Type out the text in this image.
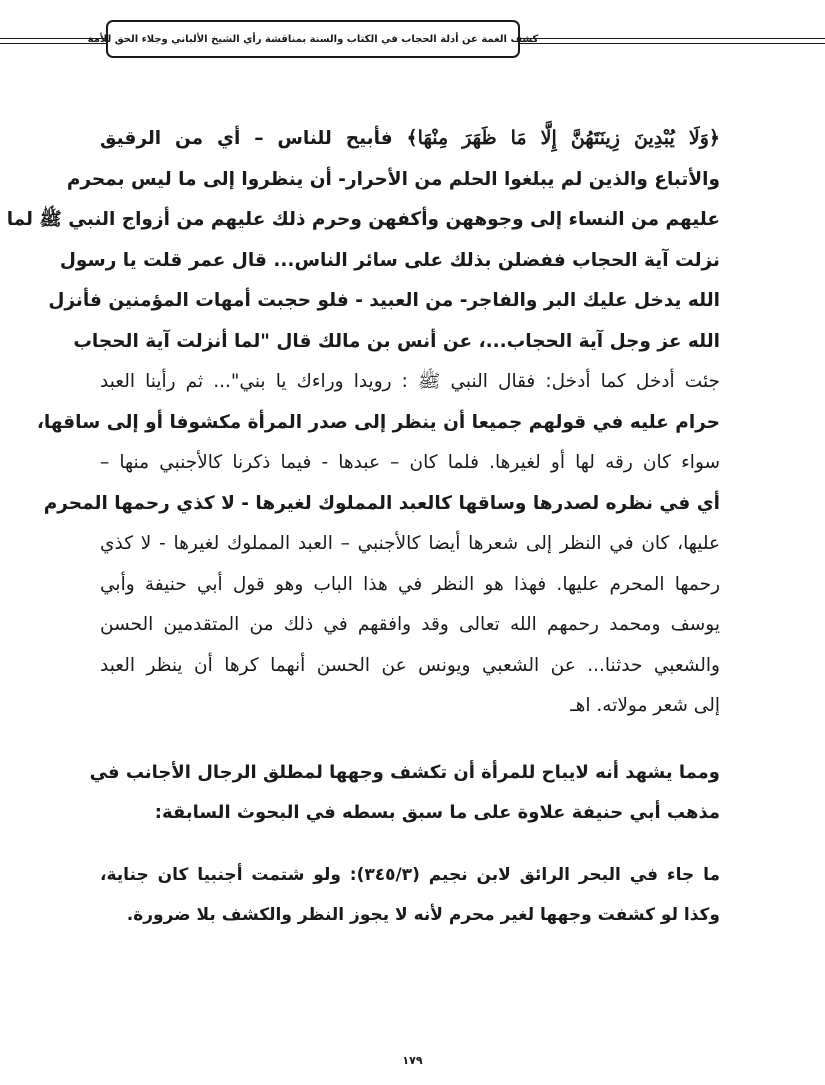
كشف الغمة عن أدلة الحجاب في الكتاب والسنة بمناقشة رأي الشيخ الألباني وجلاء الحق للأمة
﴿وَلَا يُبْدِينَ زِينَتَهُنَّ إِلَّا مَا ظَهَرَ مِنْهَا﴾ فأبيح للناس – أي من الرقيق
والأتباع والذين لم يبلغوا الحلم من الأحرار- أن ينظروا إلى ما ليس بمحرم
عليهم من النساء إلى وجوههن وأكفهن وحرم ذلك عليهم من أزواج النبي ﷺ لما
نزلت آية الحجاب ففضلن بذلك على سائر الناس... قال عمر قلت يا رسول
الله يدخل عليك البر والفاجر- من العبيد - فلو حجبت أمهات المؤمنين فأنزل
الله عز وجل آية الحجاب...، عن أنس بن مالك قال "لما أنزلت آية الحجاب
جئت أدخل كما أدخل: فقال النبي ﷺ : رويدا وراءك يا بني"... ثم رأينا العبد
حرام عليه في قولهم جميعا أن ينظر إلى صدر المرأة مكشوفا أو إلى ساقها،
سواء كان رقه لها أو لغيرها. فلما كان – عبدها - فيما ذكرنا كالأجنبي منها –
أي في نظره لصدرها وساقها كالعبد المملوك لغيرها - لا كذي رحمها المحرم
عليها، كان في النظر إلى شعرها أيضا كالأجنبي – العبد المملوك لغيرها - لا كذي
رحمها المحرم عليها. فهذا هو النظر في هذا الباب وهو قول أبي حنيفة وأبي
يوسف ومحمد رحمهم الله تعالى وقد وافقهم في ذلك من المتقدمين الحسن
والشعبي حدثنا... عن الشعبي ويونس عن الحسن أنهما كرها أن ينظر العبد
إلى شعر مولاته. اهـ
ومما يشهد أنه لايباح للمرأة أن تكشف وجهها لمطلق الرجال الأجانب في
مذهب أبي حنيفة علاوة على ما سبق بسطه في البحوث السابقة:
ما جاء في البحر الرائق لابن نجيم (٣٤٥/٣): ولو شتمت أجنبيا كان جناية،
وكذا لو كشفت وجهها لغير محرم لأنه لا يجوز النظر والكشف بلا ضرورة.
١٧٩
